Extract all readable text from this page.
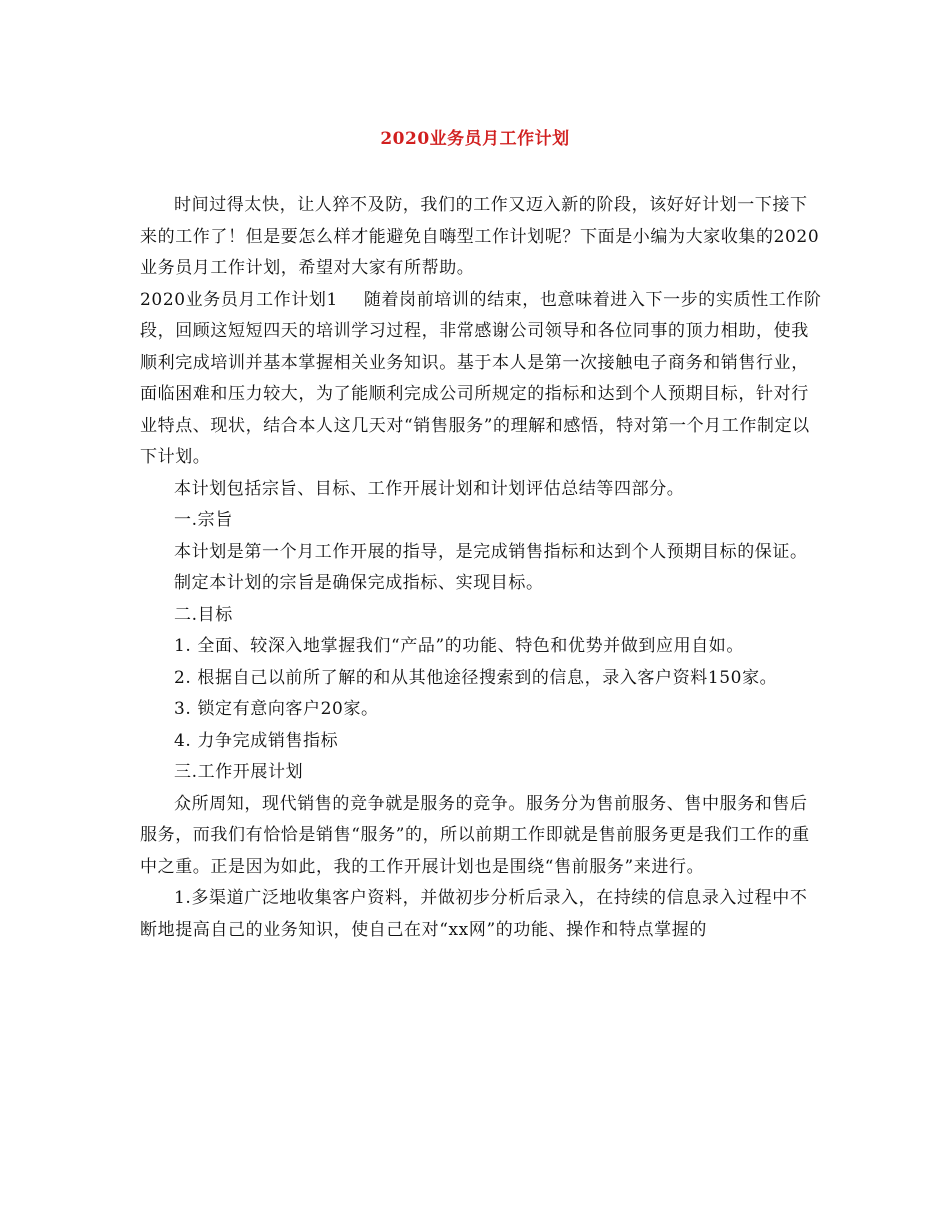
2020业务员月工作计划

时间过得太快，让人猝不及防，我们的工作又迈入新的阶段，该好好计划一下接下来的工作了！但是要怎么样才能避免自嗨型工作计划呢？下面是小编为大家收集的2020业务员月工作计划，希望对大家有所帮助。

2020业务员月工作计划1 随着岗前培训的结束，也意味着进入下一步的实质性工作阶段，回顾这短短四天的培训学习过程，非常感谢公司领导和各位同事的顶力相助，使我顺利完成培训并基本掌握相关业务知识。基于本人是第一次接触电子商务和销售行业，面临困难和压力较大，为了能顺利完成公司所规定的指标和达到个人预期目标，针对行业特点、现状，结合本人这几天对“销售服务”的理解和感悟，特对第一个月工作制定以下计划。

本计划包括宗旨、目标、工作开展计划和计划评估总结等四部分。

一.宗旨

本计划是第一个月工作开展的指导，是完成销售指标和达到个人预期目标的保证。

制定本计划的宗旨是确保完成指标、实现目标。

二.目标

1. 全面、较深入地掌握我们“产品”的功能、特色和优势并做到应用自如。

2. 根据自己以前所了解的和从其他途径搜索到的信息，录入客户资料150家。

3. 锁定有意向客户20家。

4. 力争完成销售指标

三.工作开展计划

众所周知，现代销售的竞争就是服务的竞争。服务分为售前服务、售中服务和售后服务，而我们有恰恰是销售“服务”的，所以前期工作即就是售前服务更是我们工作的重中之重。正是因为如此，我的工作开展计划也是围绕“售前服务”来进行。

1.多渠道广泛地收集客户资料，并做初步分析后录入，在持续的信息录入过程中不断地提高自己的业务知识，使自己在对“xx网”的功能、操作和特点掌握的
